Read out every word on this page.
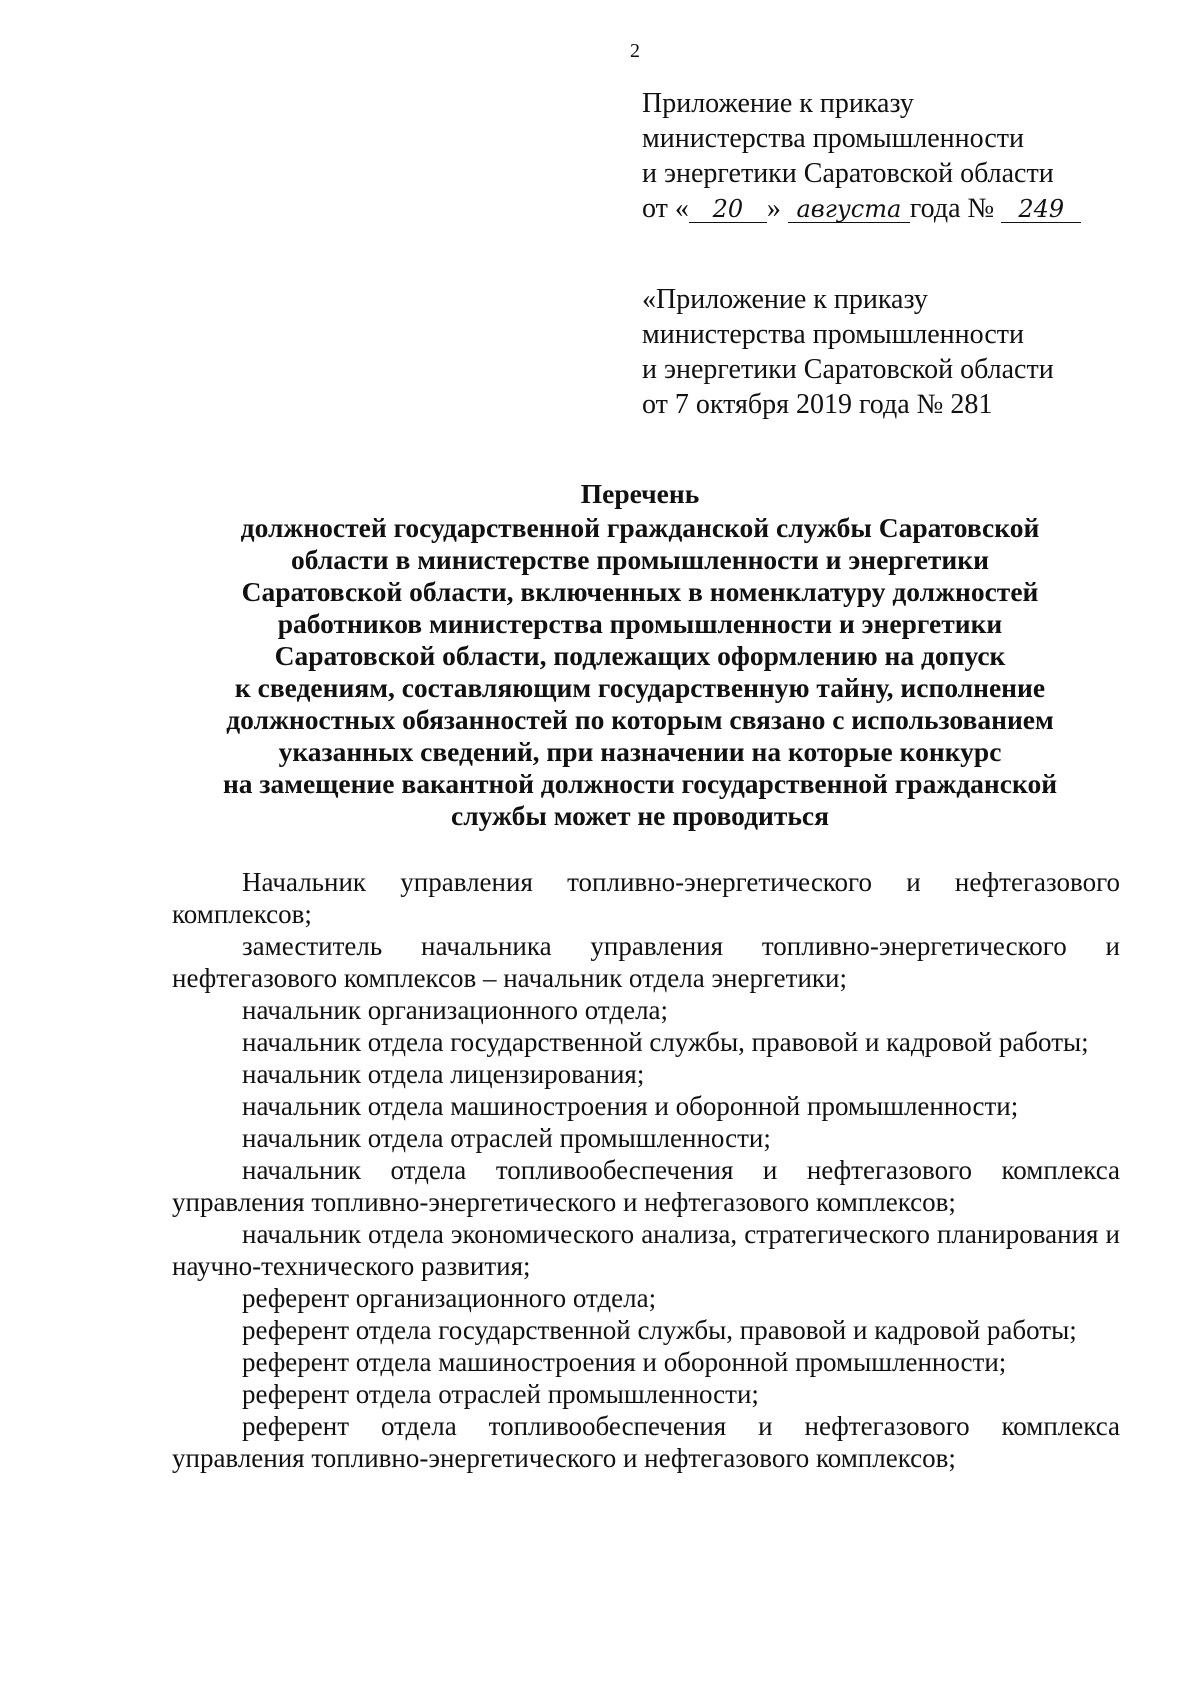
2
Приложение к приказу
министерства промышленности
и энергетики Саратовской области
от « 20 » августа года № 249
«Приложение к приказу
министерства промышленности
и энергетики Саратовской области
от 7 октября 2019 года № 281
Перечень
должностей государственной гражданской службы Саратовской
области в министерстве промышленности и энергетики
Саратовской области, включенных в номенклатуру должностей
работников министерства промышленности и энергетики
Саратовской области, подлежащих оформлению на допуск
к сведениям, составляющим государственную тайну, исполнение
должностных обязанностей по которым связано с использованием
указанных сведений, при назначении на которые конкурс
на замещение вакантной должности государственной гражданской
службы может не проводиться

Начальник управления топливно-энергетического и нефтегазового комплексов;

заместитель начальника управления топливно-энергетического и нефтегазового комплексов – начальник отдела энергетики;

начальник организационного отдела;

начальник отдела государственной службы, правовой и кадровой работы;

начальник отдела лицензирования;

начальник отдела машиностроения и оборонной промышленности;

начальник отдела отраслей промышленности;

начальник отдела топливообеспечения и нефтегазового комплекса управления топливно-энергетического и нефтегазового комплексов;

начальник отдела экономического анализа, стратегического планирования и научно-технического развития;

референт организационного отдела;

референт отдела государственной службы, правовой и кадровой работы;

референт отдела машиностроения и оборонной промышленности;

референт отдела отраслей промышленности;

референт отдела топливообеспечения и нефтегазового комплекса управления топливно-энергетического и нефтегазового комплексов;
